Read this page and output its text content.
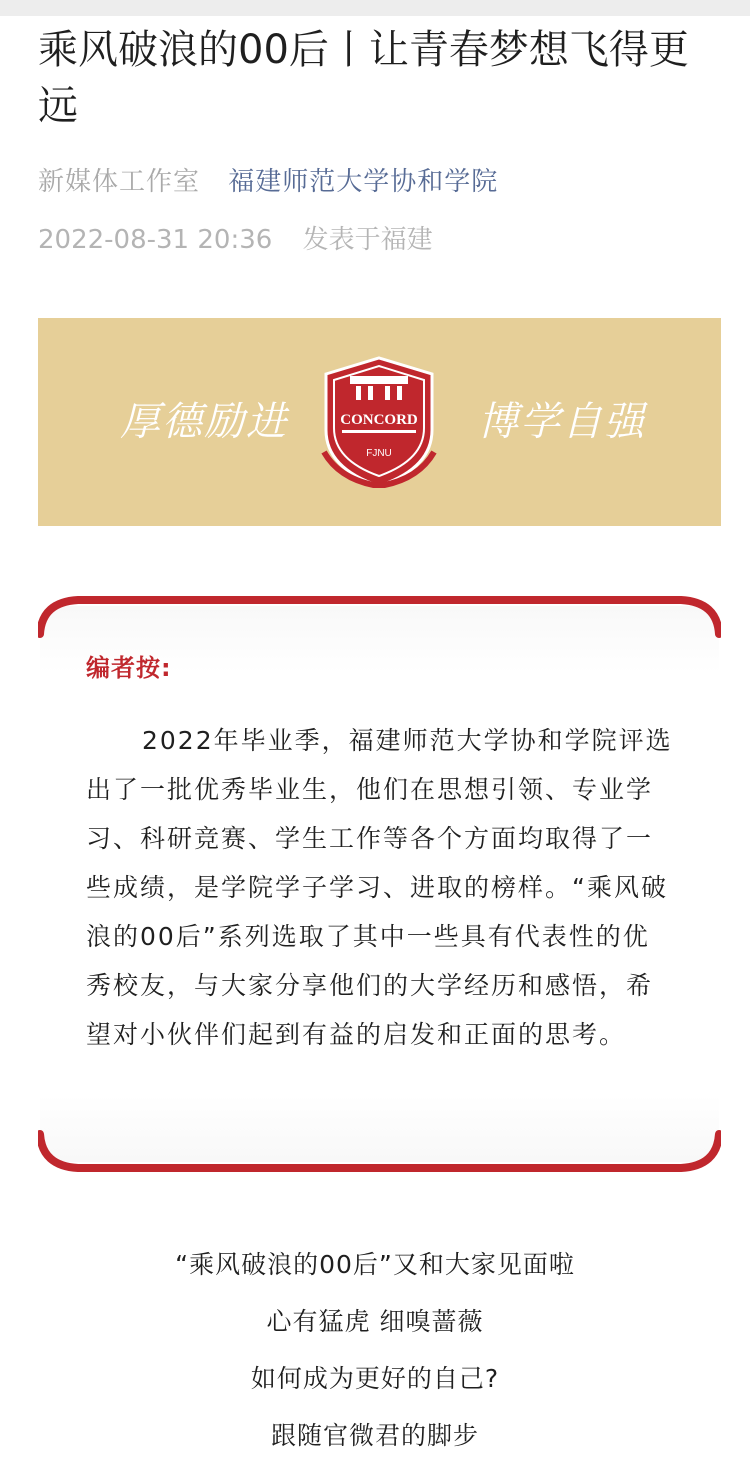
乘风破浪的00后丨让青春梦想飞得更远
新媒体工作室 福建师范大学协和学院
2022-08-31 20:36 发表于福建
厚德励进	CONCORD
FJNU
博学自强
编者按:

2022年毕业季，福建师范大学协和学院评选出了一批优秀毕业生，他们在思想引领、专业学习、科研竞赛、学生工作等各个方面均取得了一些成绩，是学院学子学习、进取的榜样。“乘风破浪的00后”系列选取了其中一些具有代表性的优秀校友，与大家分享他们的大学经历和感悟，希望对小伙伴们起到有益的启发和正面的思考。

“乘风破浪的00后”又和大家见面啦
心有猛虎 细嗅蔷薇
如何成为更好的自己?
跟随官微君的脚步
